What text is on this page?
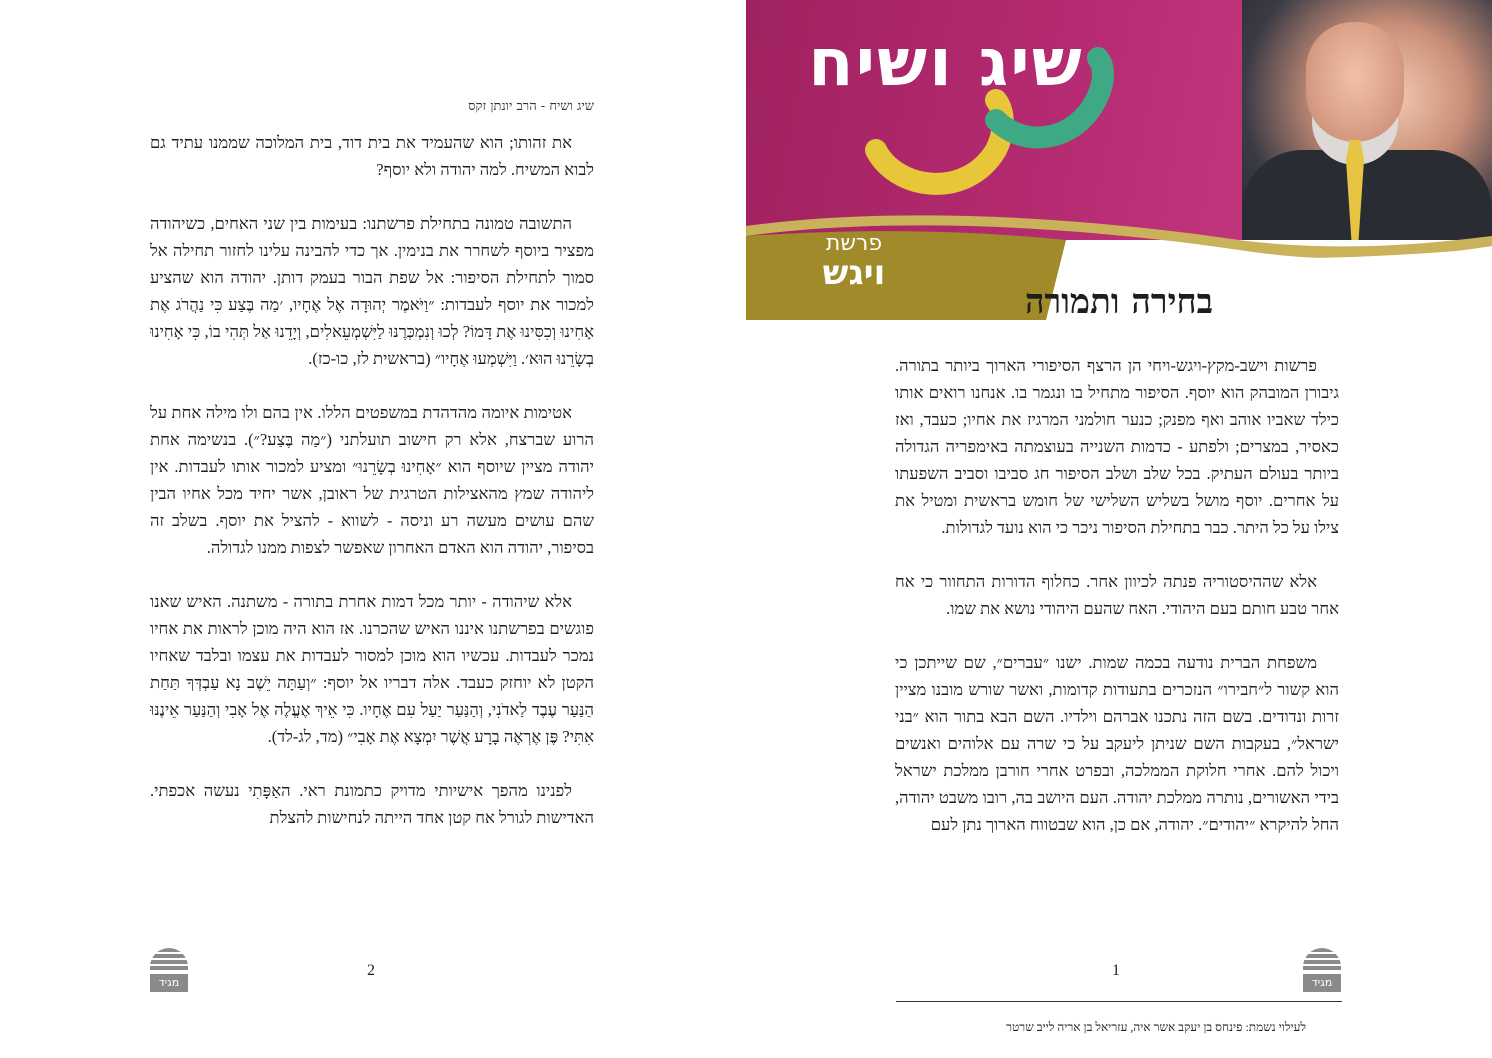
שיג ושיח - הרב יונתן זקס

את זהותו; הוא שהעמיד את בית דוד, בית המלוכה שממנו עתיד גם לבוא המשיח. למה יהודה ולא יוסף?

התשובה טמונה בתחילת פרשתנו: בעימות בין שני האחים, כשיהודה מפציר ביוסף לשחרר את בנימין. אך כדי להבינה עלינו לחזור תחילה אל סמוך לתחילת הסיפור: אל שפת הבור בעמק דותן. יהודה הוא שהציע למכור את יוסף לעבדות: ״וַיֹּאמֶר יְהוּדָה אֶל אֶחָיו, ׳מַה בֶּצַע כִּי נַהֲרֹג אֶת אָחִינוּ וְכִסִּינוּ אֶת דָּמוֹ? לְכוּ וְנִמְכְּרֶנּוּ לַיִּשְׁמְעֵאלִים, וְיָדֵנוּ אַל תְּהִי בוֹ, כִּי אָחִינוּ בְשָׂרֵנוּ הוּא׳. וַיִּשְׁמְעוּ אֶחָיו״ (בראשית לז, כו-כז).

אטימות איומה מהדהדת במשפטים הללו. אין בהם ולו מילה אחת על הרוע שברצח, אלא רק חישוב תועלתני (״מַה בֶּצַע?״). בנשימה אחת יהודה מציין שיוסף הוא ״אָחִינוּ בְשָׂרֵנוּ״ ומציע למכור אותו לעבדות. אין ליהודה שמץ מהאצילות הטרגית של ראובן, אשר יחיד מכל אחיו הבין שהם עושים מעשה רע וניסה - לשווא - להציל את יוסף. בשלב זה בסיפור, יהודה הוא האדם האחרון שאפשר לצפות ממנו לגדולה.

אלא שיהודה - יותר מכל דמות אחרת בתורה - משתנה. האיש שאנו פוגשים בפרשתנו איננו האיש שהכרנו. אז הוא היה מוכן לראות את אחיו נמכר לעבדות. עכשיו הוא מוכן למסור לעבדות את עצמו ובלבד שאחיו הקטן לא יוחזק כעבד. אלה דבריו אל יוסף: ״וְעַתָּה יֵשֶׁב נָא עַבְדְּךָ תַּחַת הַנַּעַר עֶבֶד לַאדֹנִי, וְהַנַּעַר יַעַל עִם אֶחָיו. כִּי אֵיךְ אֶעֱלֶה אֶל אָבִי וְהַנַּעַר אֵינֶנּוּ אִתִּי? פֶּן אֶרְאֶה בָרָע אֲשֶׁר יִמְצָא אֶת אָבִי״ (מד, לג-לד).

לפנינו מהפך אישיותי מדויק כתמונת ראי. האַפָּתִי נעשה אכפתי. האדישות לגורל אח קטן אחד הייתה לנחישות להצלת

מגיד
2
שיג ושיח
פרשת
ויגש
בחירה ותמורה

פרשות וישב-מקץ-ויגש-ויחי הן הרצף הסיפורי הארוך ביותר בתורה. גיבורן המובהק הוא יוסף. הסיפור מתחיל בו ונגמר בו. אנחנו רואים אותו כילד שאביו אוהב ואף מפנק; כנער חולמני המרגיז את אחיו; כעבד, ואז כאסיר, במצרים; ולפתע - כדמות השנייה בעוצמתה באימפריה הגדולה ביותר בעולם העתיק. בכל שלב ושלב הסיפור חג סביבו וסביב השפעתו על אחרים. יוסף מושל בשליש השלישי של חומש בראשית ומטיל את צילו על כל היתר. כבר בתחילת הסיפור ניכר כי הוא נועד לגדולות.

אלא שההיסטוריה פנתה לכיוון אחר. כחלוף הדורות התחוור כי אח אחר טבע חותם בעם היהודי. האח שהעם היהודי נושא את שמו.

משפחת הברית נודעה בכמה שמות. ישנו ״עברים״, שם שייתכן כי הוא קשור ל״חבירו״ הנזכרים בתעודות קדומות, ואשר שורש מובנו מציין זרות ונדודים. בשם הזה נתכנו אברהם וילדיו. השם הבא בתור הוא ״בני ישראל״, בעקבות השם שניתן ליעקב על כי שרה עם אלוהים ואנשים ויכול להם. אחרי חלוקת הממלכה, ובפרט אחרי חורבן ממלכת ישראל בידי האשורים, נותרה ממלכת יהודה. העם היושב בה, רובו משבט יהודה, החל להיקרא ״יהודים״. יהודה, אם כן, הוא שבטווח הארוך נתן לעם

מגיד
1
לעילוי נשמת: פינחס בן יעקב אשר איה, עזריאל בן אריה לייב שרטר
